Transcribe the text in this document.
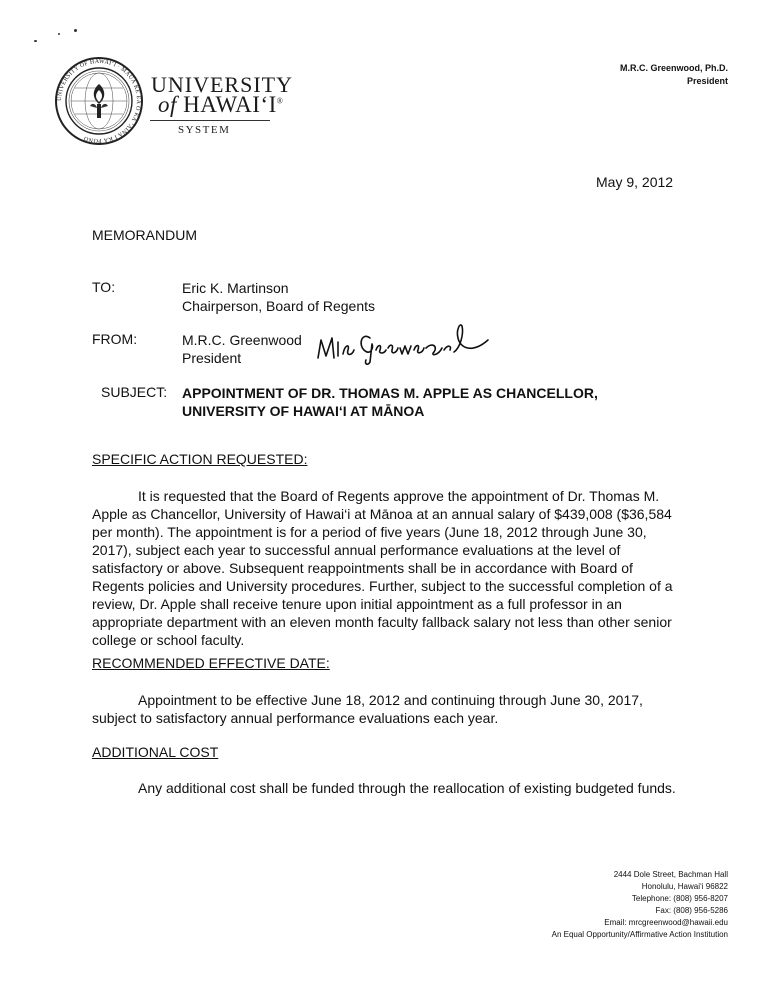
UNIVERSITY OF HAWAI‘I · MAUA KE EA O KA ‘AINA I KA PONO
UNIVERSITY
of HAWAI‘I®
SYSTEM
M.R.C. Greenwood, Ph.D.
President
May 9, 2012
MEMORANDUM
TO:	Eric K. Martinson
Chairperson, Board of Regents
FROM:	M.R.C. Greenwood
President
SUBJECT: APPOINTMENT OF DR. THOMAS M. APPLE AS CHANCELLOR,
UNIVERSITY OF HAWAI‘I AT MĀNOA
SPECIFIC ACTION REQUESTED:
It is requested that the Board of Regents approve the appointment of Dr. Thomas M. Apple as Chancellor, University of Hawai‘i at Mānoa at an annual salary of $439,008 ($36,584 per month). The appointment is for a period of five years (June 18, 2012 through June 30, 2017), subject each year to successful annual performance evaluations at the level of satisfactory or above. Subsequent reappointments shall be in accordance with Board of Regents policies and University procedures. Further, subject to the successful completion of a review, Dr. Apple shall receive tenure upon initial appointment as a full professor in an appropriate department with an eleven month faculty fallback salary not less than other senior college or school faculty.
RECOMMENDED EFFECTIVE DATE:
Appointment to be effective June 18, 2012 and continuing through June 30, 2017, subject to satisfactory annual performance evaluations each year.
ADDITIONAL COST
Any additional cost shall be funded through the reallocation of existing budgeted funds.
2444 Dole Street, Bachman Hall
Honolulu, Hawai‘i 96822
Telephone: (808) 956-8207
Fax: (808) 956-5286
Email: mrcgreenwood@hawaii.edu
An Equal Opportunity/Affirmative Action Institution
